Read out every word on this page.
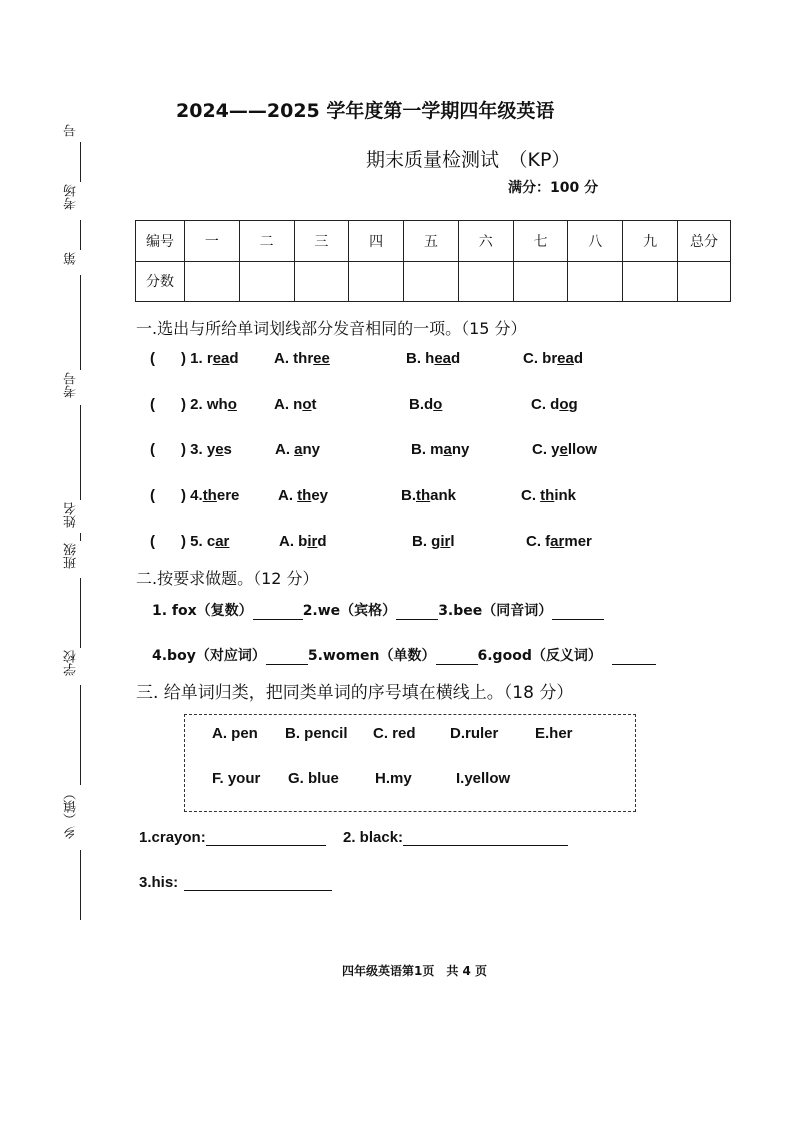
号
考场
第
考号
姓名
班级
学校
乡（镇）
2024——2025 学年度第一学期四年级英语
期末质量检测试　（KP）
满分：100 分
编号	一	二	三	四	五	六	七	八	九	总分
分数										
一.选出与所给单词划线部分发音相同的一项。（15 分）
( ) 1. read A. three	B. head	C. bread
( ) 2. who A. not	B.do	C. dog
( ) 3. yes	A. any	B. many	C. yellow
( ) 4.there	A. they	B.thank	C. think
( ) 5. car	A. bird	B. girl	C. farmer
二.按要求做题。（12 分）
1. fox（复数）	2.we（宾格）	3.bee（同音词）
4.boy（对应词）	5.women（单数）	6.good（反义词）
三. 给单词归类，把同类单词的序号填在横线上。（18 分）
A. pen B. pencil C. red D.ruler E.her
F. your G. blue H.my	I.yellow
1.crayon:	2. black:
3.his:
四年级英语第1页　共 4 页
